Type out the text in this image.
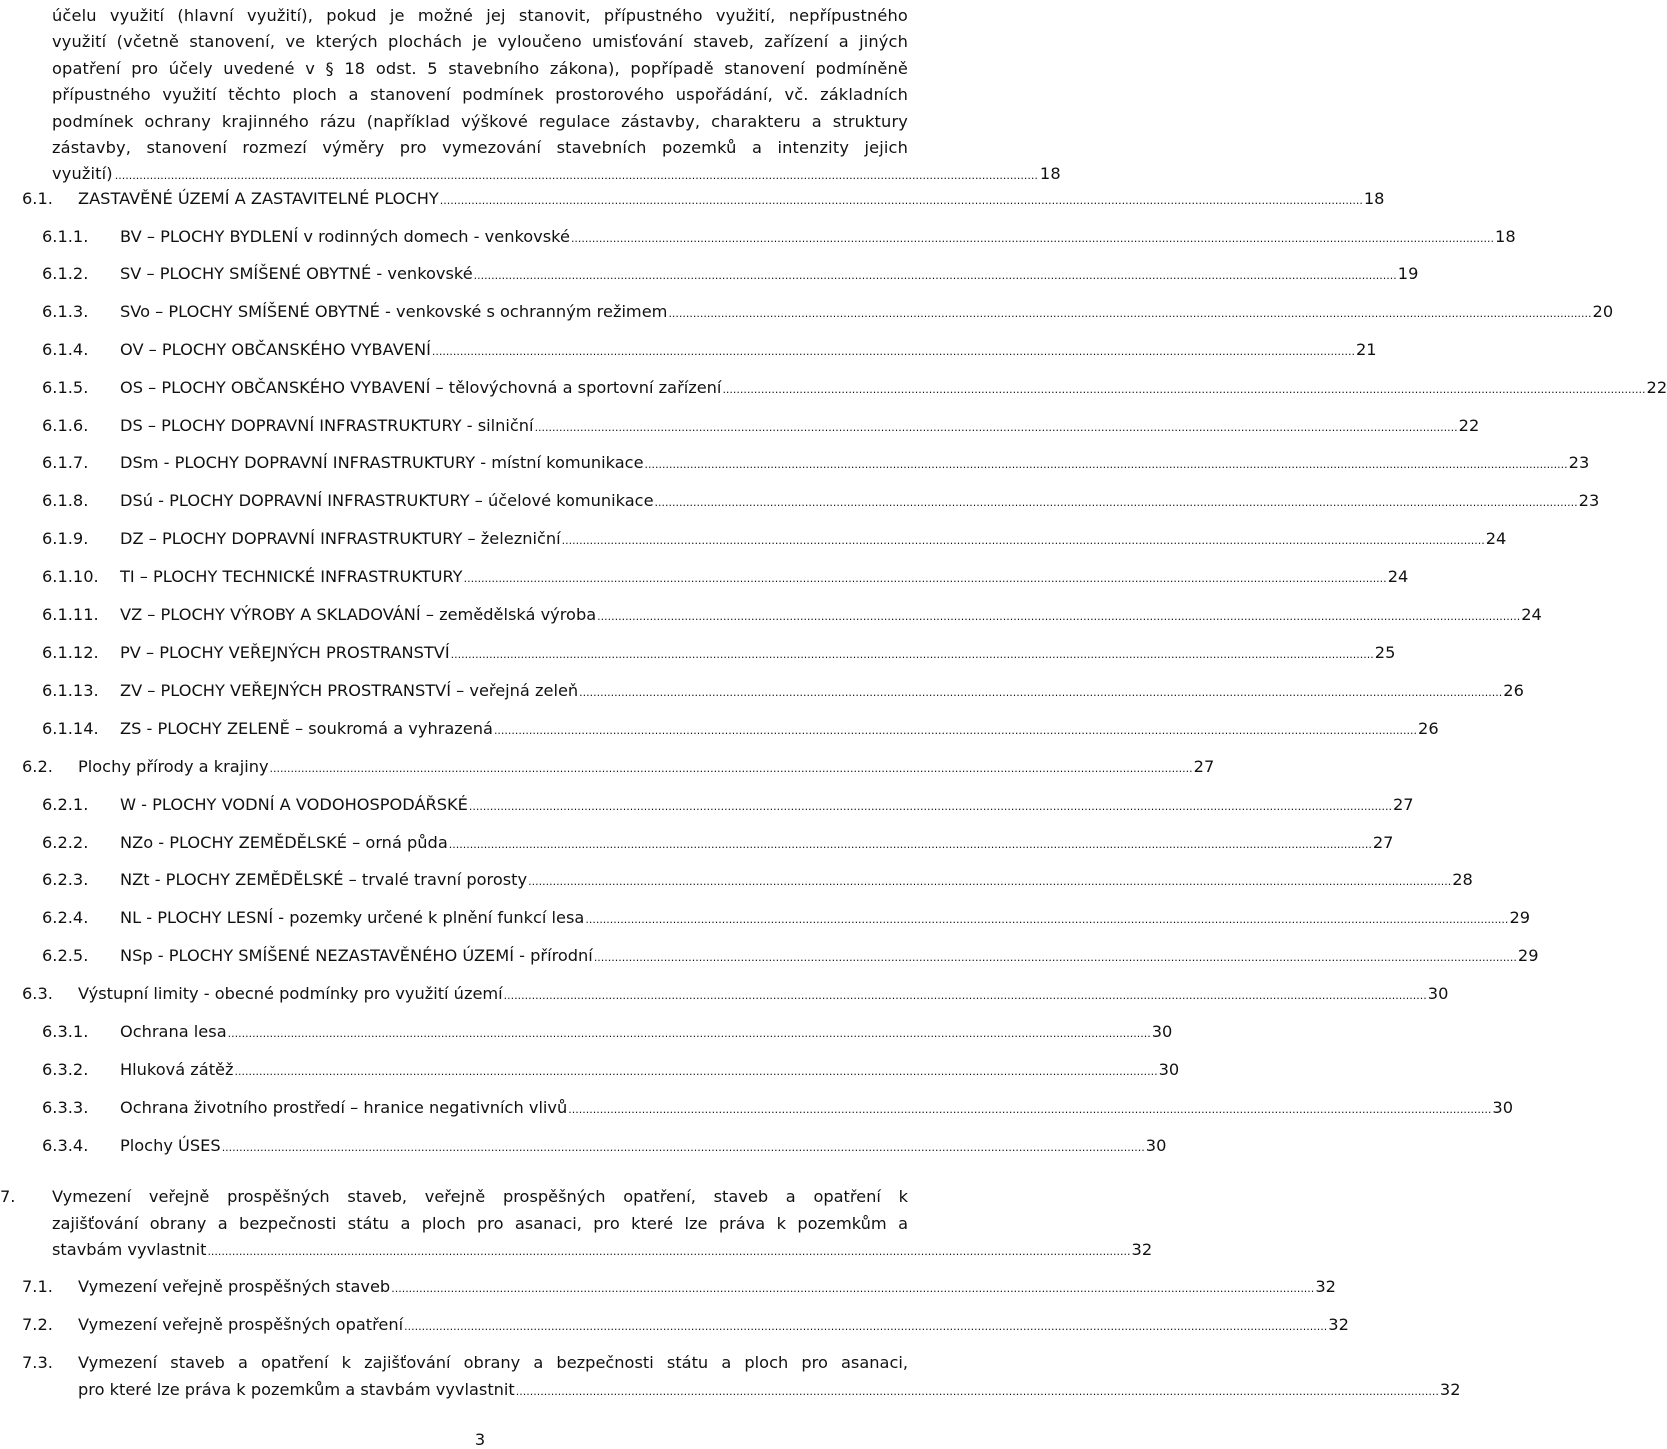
účelu využití (hlavní využití), pokud je možné jej stanovit, přípustného využití, nepřípustného
využití (včetně stanovení, ve kterých plochách je vyloučeno umisťování staveb, zařízení a jiných
opatření pro účely uvedené v § 18 odst. 5 stavebního zákona), popřípadě stanovení podmíněně
přípustného využití těchto ploch a stanovení podmínek prostorového uspořádání, vč. základních
podmínek ochrany krajinného rázu (například výškové regulace zástavby, charakteru a struktury
zástavby, stanovení rozmezí výměry pro vymezování stavebních pozemků a intenzity jejich
využití) .....	18
6.1.	ZASTAVĚNÉ ÚZEMÍ A ZASTAVITELNÉ PLOCHY .....	18
6.1.1.	BV – PLOCHY BYDLENÍ v rodinných domech - venkovské .....	18
6.1.2.	SV – PLOCHY SMÍŠENÉ OBYTNÉ - venkovské .....	19
6.1.3.	SVo – PLOCHY SMÍŠENÉ OBYTNÉ - venkovské s ochranným režimem .....	20
6.1.4.	OV – PLOCHY OBČANSKÉHO VYBAVENÍ .....	21
6.1.5.	OS – PLOCHY OBČANSKÉHO VYBAVENÍ – tělovýchovná a sportovní zařízení .....	22
6.1.6.	DS – PLOCHY DOPRAVNÍ INFRASTRUKTURY - silniční .....	22
6.1.7.	DSm - PLOCHY DOPRAVNÍ INFRASTRUKTURY - místní komunikace .....	23
6.1.8.	DSú - PLOCHY DOPRAVNÍ INFRASTRUKTURY – účelové komunikace .....	23
6.1.9.	DZ – PLOCHY DOPRAVNÍ INFRASTRUKTURY – železniční .....	24
6.1.10.	TI – PLOCHY TECHNICKÉ INFRASTRUKTURY .....	24
6.1.11.	VZ – PLOCHY VÝROBY A SKLADOVÁNÍ – zemědělská výroba .....	24
6.1.12.	PV – PLOCHY VEŘEJNÝCH PROSTRANSTVÍ .....	25
6.1.13.	ZV – PLOCHY VEŘEJNÝCH PROSTRANSTVÍ – veřejná zeleň .....	26
6.1.14.	ZS - PLOCHY ZELENĚ – soukromá a vyhrazená .....	26
6.2.	Plochy přírody a krajiny .....	27
6.2.1.	W - PLOCHY VODNÍ A VODOHOSPODÁŘSKÉ .....	27
6.2.2.	NZo - PLOCHY ZEMĚDĚLSKÉ – orná půda .....	27
6.2.3.	NZt - PLOCHY ZEMĚDĚLSKÉ – trvalé travní porosty .....	28
6.2.4.	NL - PLOCHY LESNÍ - pozemky určené k plnění funkcí lesa .....	29
6.2.5.	NSp - PLOCHY SMÍŠENÉ NEZASTAVĚNÉHO ÚZEMÍ - přírodní .....	29
6.3.	Výstupní limity - obecné podmínky pro využití území .....	30
6.3.1.	Ochrana lesa .....	30
6.3.2.	Hluková zátěž .....	30
6.3.3.	Ochrana životního prostředí – hranice negativních vlivů .....	30
6.3.4.	Plochy ÚSES .....	30
7. Vymezení veřejně prospěšných staveb, veřejně prospěšných opatření, staveb a opatření k
zajišťování obrany a bezpečnosti státu a ploch pro asanaci, pro které lze práva k pozemkům a
stavbám vyvlastnit .....	32
7.1.	Vymezení veřejně prospěšných staveb .....	32
7.2.	Vymezení veřejně prospěšných opatření .....	32
7.3. Vymezení staveb a opatření k zajišťování obrany a bezpečnosti státu a ploch pro asanaci,
pro které lze práva k pozemkům a stavbám vyvlastnit .....	32
3
